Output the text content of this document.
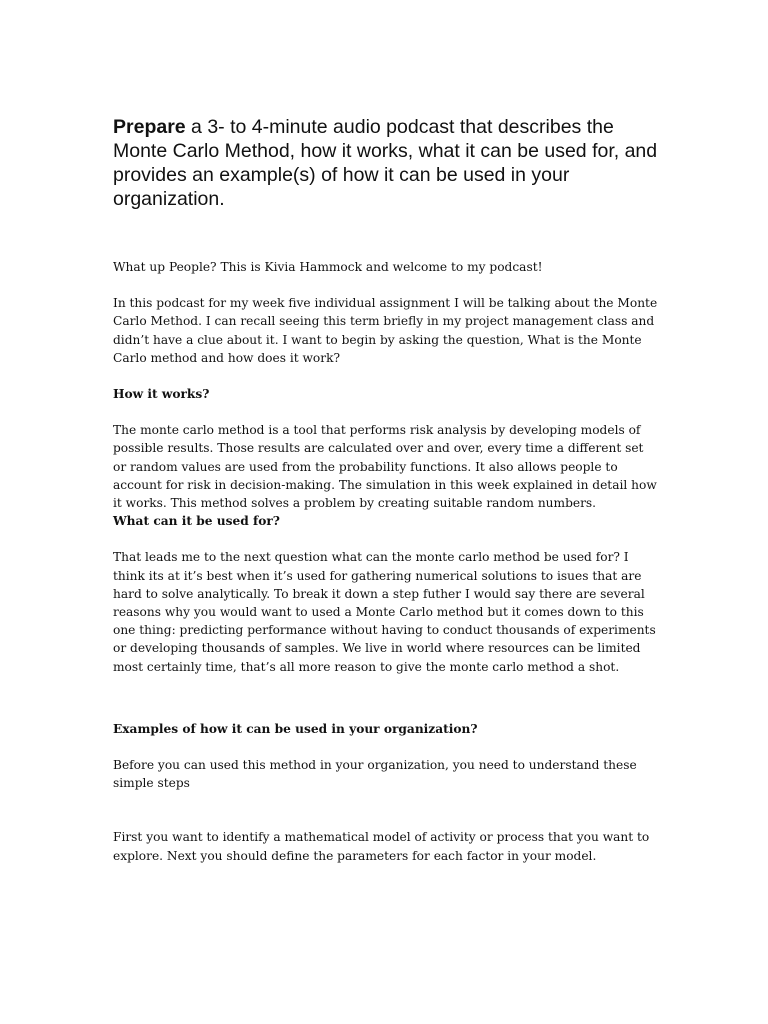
Prepare a 3- to 4-minute audio podcast that describes the Monte Carlo Method, how it works, what it can be used for, and provides an example(s) of how it can be used in your organization.

What up People? This is Kivia Hammock and welcome to my podcast!

In this podcast for my week five individual assignment I will be talking about the Monte Carlo Method. I can recall seeing this term briefly in my project management class and didn’t have a clue about it. I want to begin by asking the question, What is the Monte Carlo method and how does it work?

How it works?

The monte carlo method is a tool that performs risk analysis by developing models of possible results. Those results are calculated over and over, every time a different set or random values are used from the probability functions. It also allows people to account for risk in decision-making. The simulation in this week explained in detail how it works. This method solves a problem by creating suitable random numbers.

What can it be used for?

That leads me to the next question what can the monte carlo method be used for? I think its at it’s best when it’s used for gathering numerical solutions to isues that are hard to solve analytically. To break it down a step futher I would say there are several reasons why you would want to used a Monte Carlo method but it comes down to this one thing: predicting performance without having to conduct thousands of experiments or developing thousands of samples. We live in world where resources can be limited most certainly time, that’s all more reason to give the monte carlo method a shot.

Examples of how it can be used in your organization?

Before you can used this method in your organization, you need to understand these simple steps

First you want to identify a mathematical model of activity or process that you want to explore. Next you should define the parameters for each factor in your model.
